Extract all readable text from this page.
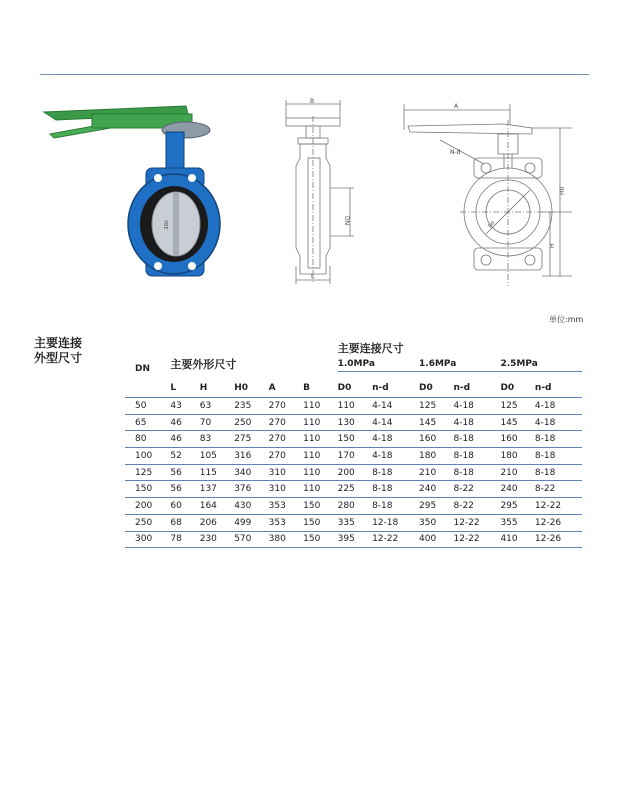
YBE
B
DN
L
A
N-d
D0
H0
H
单位:mm
主要连接
外型尺寸
DN	主要外形尺寸					主要连接尺寸					
						1.0MPa		1.6MPa		2.5MPa	
	L	H	H0	A	B	D0	n-d	D0	n-d	D0	n-d
50	43	63	235	270	110	110	4-14	125	4-18	125	4-18
65	46	70	250	270	110	130	4-14	145	4-18	145	4-18
80	46	83	275	270	110	150	4-18	160	8-18	160	8-18
100	52	105	316	270	110	170	4-18	180	8-18	180	8-18
125	56	115	340	310	110	200	8-18	210	8-18	210	8-18
150	56	137	376	310	110	225	8-18	240	8-22	240	8-22
200	60	164	430	353	150	280	8-18	295	8-22	295	12-22
250	68	206	499	353	150	335	12-18	350	12-22	355	12-26
300	78	230	570	380	150	395	12-22	400	12-22	410	12-26
